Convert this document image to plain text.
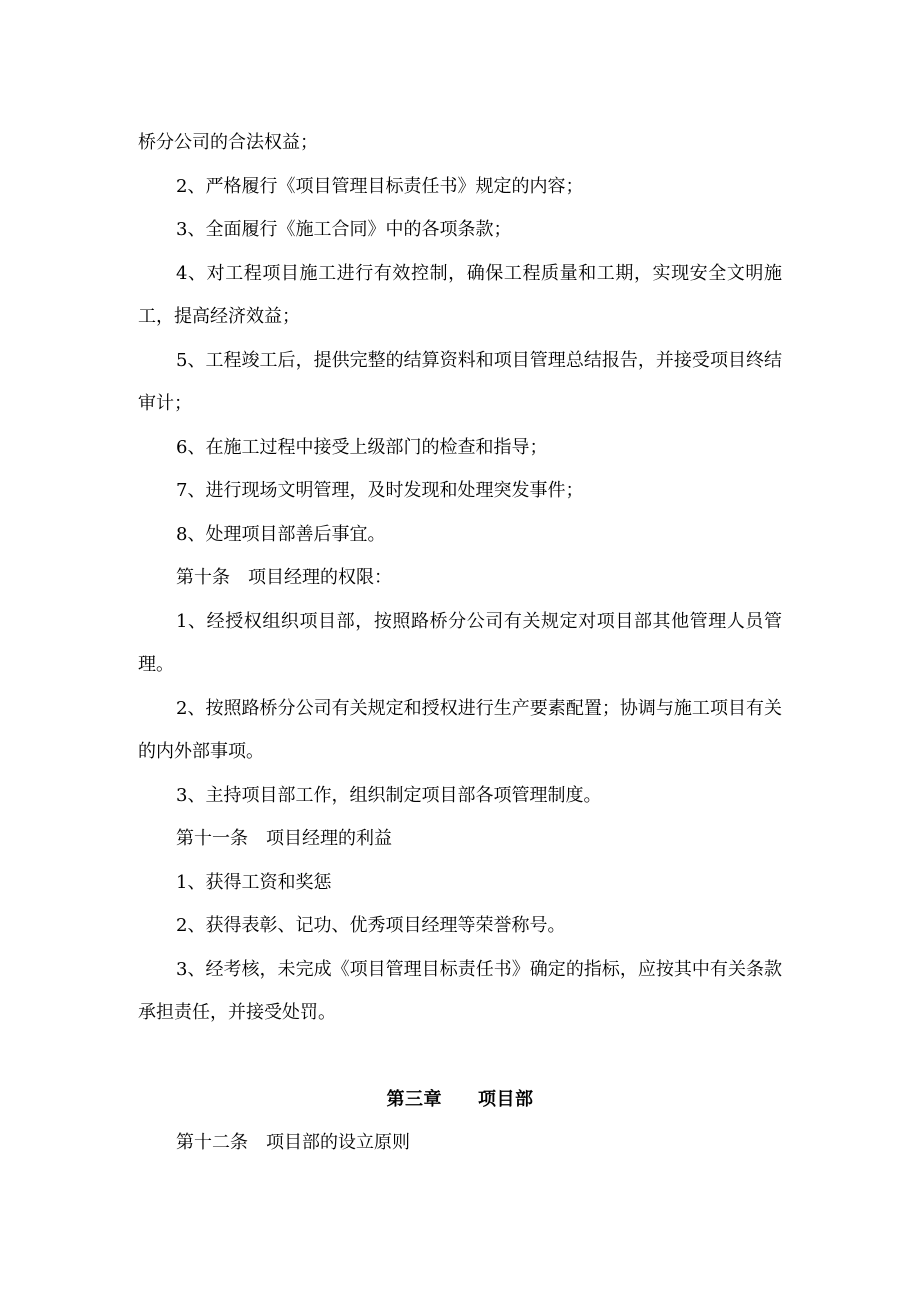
桥分公司的合法权益；

2、严格履行《项目管理目标责任书》规定的内容；

3、全面履行《施工合同》中的各项条款；

4、对工程项目施工进行有效控制，确保工程质量和工期，实现安全文明施工，提高经济效益；

5、工程竣工后，提供完整的结算资料和项目管理总结报告，并接受项目终结审计；

6、在施工过程中接受上级部门的检查和指导；

7、进行现场文明管理，及时发现和处理突发事件；

8、处理项目部善后事宜。

第十条　项目经理的权限：

1、经授权组织项目部，按照路桥分公司有关规定对项目部其他管理人员管理。

2、按照路桥分公司有关规定和授权进行生产要素配置；协调与施工项目有关的内外部事项。

3、主持项目部工作，组织制定项目部各项管理制度。

第十一条　项目经理的利益

1、获得工资和奖惩

2、获得表彰、记功、优秀项目经理等荣誉称号。

3、经考核，未完成《项目管理目标责任书》确定的指标，应按其中有关条款承担责任，并接受处罚。

第三章 项目部

第十二条　项目部的设立原则
